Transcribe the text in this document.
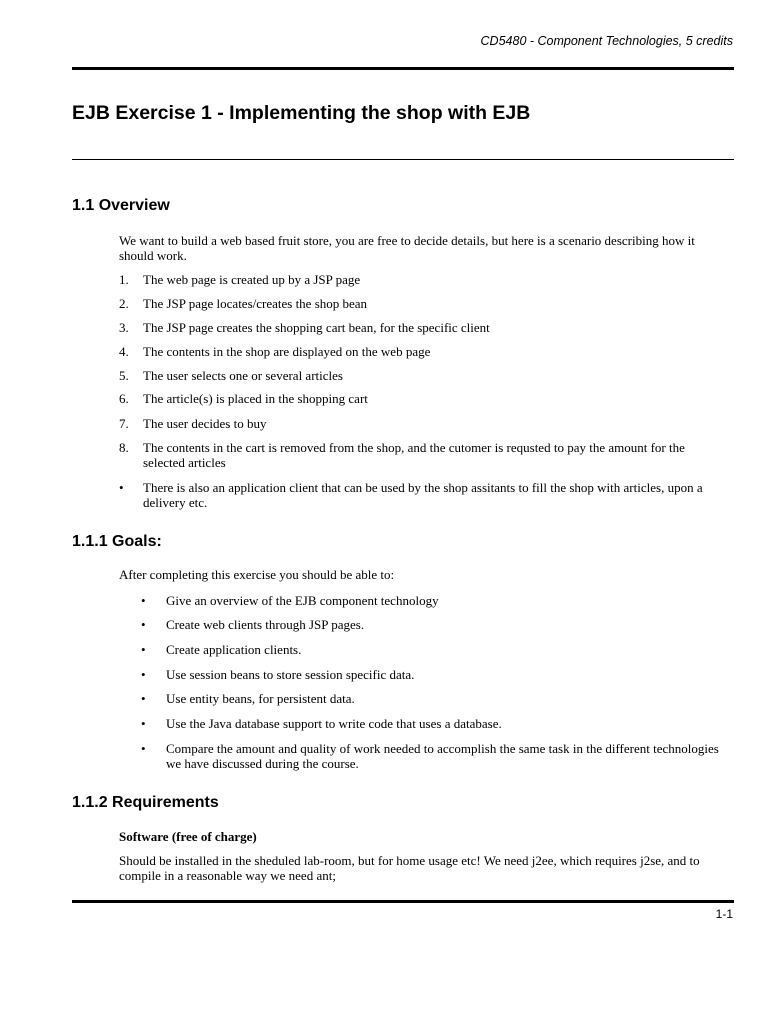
CD5480 - Component Technologies, 5 credits
EJB Exercise 1 - Implementing the shop with EJB
1.1 Overview

We want to build a web based fruit store, you are free to decide details, but here is a scenario describing how it should work.

1. The web page is created up by a JSP page
2. The JSP page locates/creates the shop bean
3. The JSP page creates the shopping cart bean, for the specific client
4. The contents in the shop are displayed on the web page
5. The user selects one or several articles
6. The article(s) is placed in the shopping cart
7. The user decides to buy
8. The contents in the cart is removed from the shop, and the cutomer is requsted to pay the amount for the selected articles
• There is also an application client that can be used by the shop assitants to fill the shop with articles, upon a delivery etc.
1.1.1 Goals:

After completing this exercise you should be able to:

• Give an overview of the EJB component technology
• Create web clients through JSP pages.
• Create application clients.
• Use session beans to store session specific data.
• Use entity beans, for persistent data.
• Use the Java database support to write code that uses a database.
• Compare the amount and quality of work needed to accomplish the same task in the different technologies we have discussed during the course.
1.1.2 Requirements

Software (free of charge)

Should be installed in the sheduled lab-room, but for home usage etc! We need j2ee, which requires j2se, and to compile in a reasonable way we need ant;

1-1
